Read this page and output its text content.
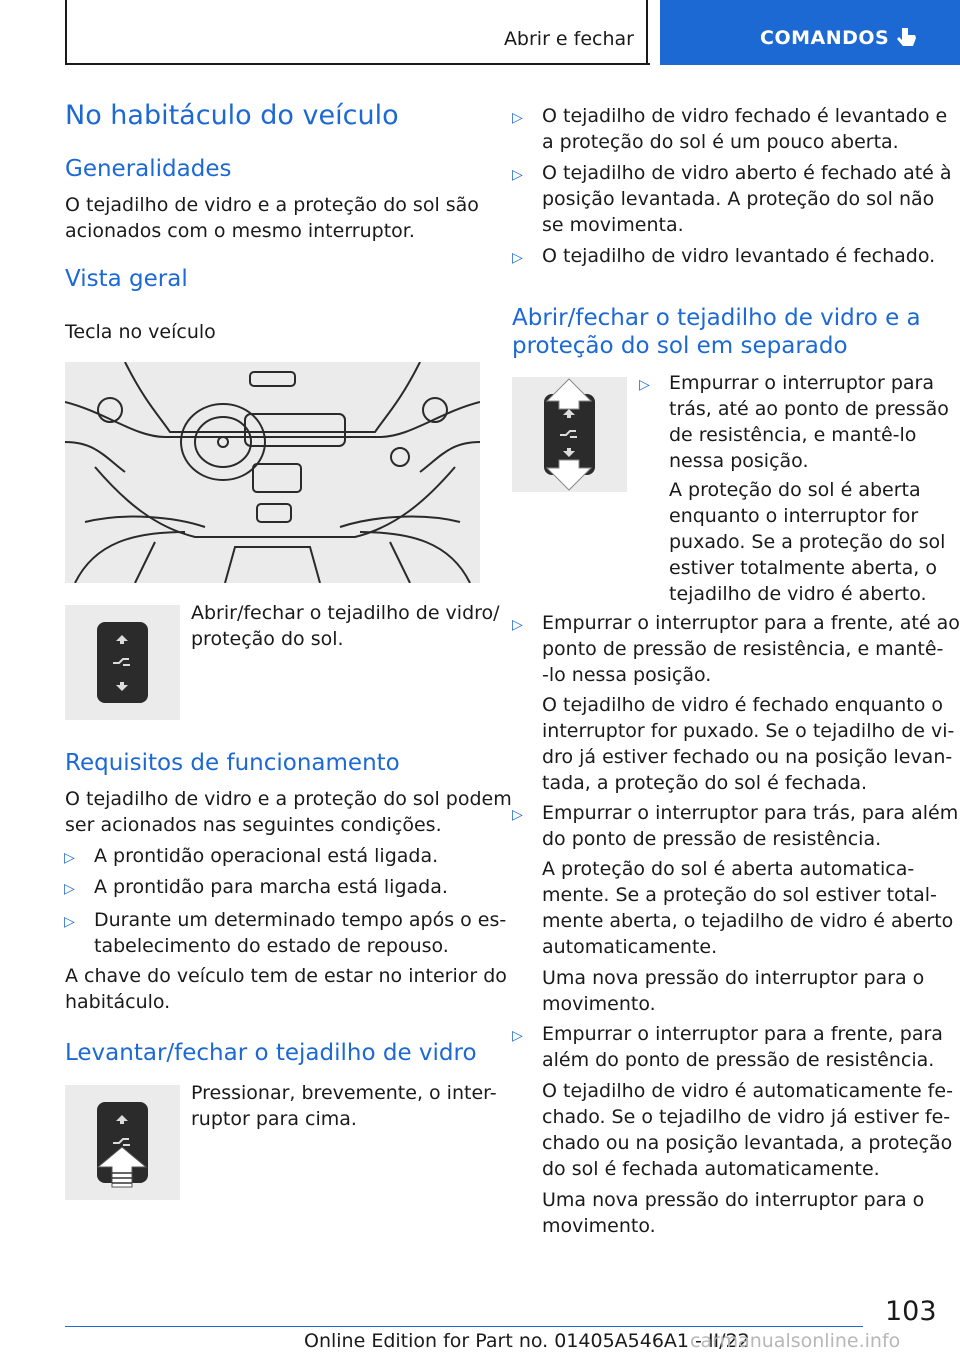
Abrir e fechar	COMANDOS
No habitáculo do veículo
Generalidades
O tejadilho de vidro e a proteção do sol são
acionados com o mesmo interruptor.
Vista geral
Tecla no veículo
Abrir/fechar o tejadilho de vidro/
proteção do sol.
Requisitos de funcionamento
O tejadilho de vidro e a proteção do sol podem
ser acionados nas seguintes condições.
▷ A prontidão operacional está ligada.
▷ A prontidão para marcha está ligada.
▷ Durante um determinado tempo após o es-
tabelecimento do estado de repouso.
A chave do veículo tem de estar no interior do
habitáculo.
Levantar/fechar o tejadilho de vidro
Pressionar, brevemente, o inter-
ruptor para cima.
▷ O tejadilho de vidro fechado é levantado e
a proteção do sol é um pouco aberta.
▷ O tejadilho de vidro aberto é fechado até à
posição levantada. A proteção do sol não
se movimenta.
▷ O tejadilho de vidro levantado é fechado.
Abrir/fechar o tejadilho de vidro e a
proteção do sol em separado
▷ Empurrar o interruptor para
trás, até ao ponto de pressão
de resistência, e mantê-lo
nessa posição.
A proteção do sol é aberta
enquanto o interruptor for
puxado. Se a proteção do sol
estiver totalmente aberta, o
tejadilho de vidro é aberto.
▷ Empurrar o interruptor para a frente, até ao
ponto de pressão de resistência, e mantê-
-lo nessa posição.
O tejadilho de vidro é fechado enquanto o
interruptor for puxado. Se o tejadilho de vi-
dro já estiver fechado ou na posição levan-
tada, a proteção do sol é fechada.
▷ Empurrar o interruptor para trás, para além
do ponto de pressão de resistência.
A proteção do sol é aberta automatica-
mente. Se a proteção do sol estiver total-
mente aberta, o tejadilho de vidro é aberto
automaticamente.
Uma nova pressão do interruptor para o
movimento.
▷ Empurrar o interruptor para a frente, para
além do ponto de pressão de resistência.
O tejadilho de vidro é automaticamente fe-
chado. Se o tejadilho de vidro já estiver fe-
chado ou na posição levantada, a proteção
do sol é fechada automaticamente.
Uma nova pressão do interruptor para o
movimento.
103
Online Edition for Part no. 01405A546A1 - II/22
carmanualsonline.info
